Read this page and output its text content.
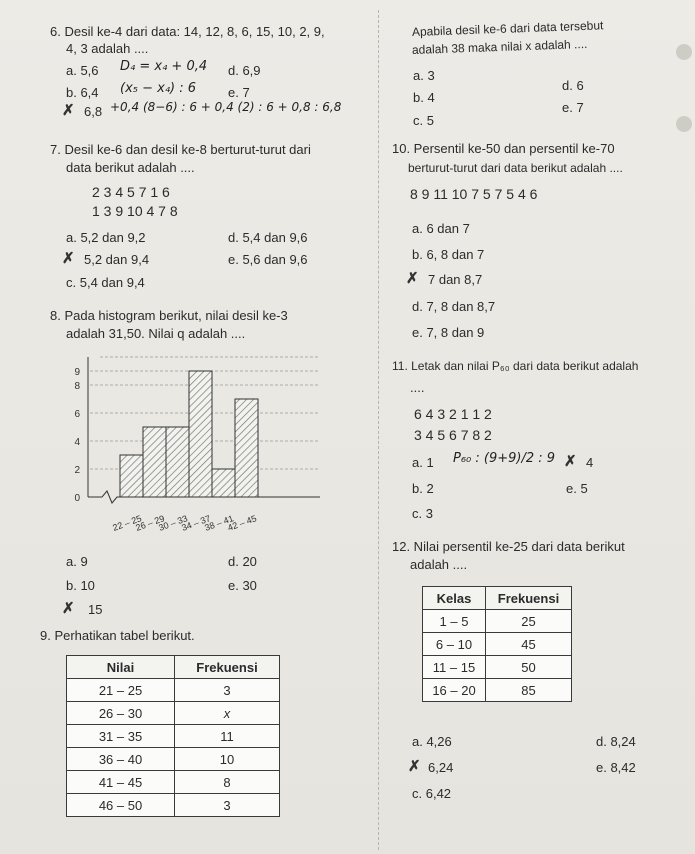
6. Desil ke-4 dari data: 14, 12, 8, 6, 15, 10, 2, 9,
4, 3 adalah ....
a. 5,6 D₄ = x₄ + 0,4 d. 6,9
b. 6,4 (x₅ − x₄) : 6 e. 7
✗ 6,8 +0,4 (8−6) : 6 + 0,4 (2) : 6 + 0,8 : 6,8
7. Desil ke-6 dan desil ke-8 berturut-turut dari
data berikut adalah ....
2 3 4 5 7 1 6
1 3 9 10 4 7 8
a. 5,2 dan 9,2	d. 5,4 dan 9,6
✗ 5,2 dan 9,4	e. 5,6 dan 9,6
c. 5,4 dan 9,4
8. Pada histogram berikut, nilai desil ke-3
adalah 31,50. Nilai q adalah ....
0
2
4
6
8
9
22 – 25
26 – 29
30 – 33
34 – 37
38 – 41
42 – 45
a. 9	d. 20
b. 10	e. 30
✗ 15
9. Perhatikan tabel berikut.
Nilai	Frekuensi
21 – 25	3
26 – 30	x
31 – 35	11
36 – 40	10
41 – 45	8
46 – 50	3
Apabila desil ke-6 dari data tersebut
adalah 38 maka nilai x adalah ....
a. 3
d. 6
b. 4
e. 7
c. 5
10. Persentil ke-50 dan persentil ke-70
berturut-turut dari data berikut adalah ....
8 9 11 10 7 5 7 5 4 6
a. 6 dan 7
b. 6, 8 dan 7
✗ 7 dan 8,7
d. 7, 8 dan 8,7
e. 7, 8 dan 9
11. Letak dan nilai P₆₀ dari data berikut adalah
....
6 4 3 2 1 1 2
3 4 5 6 7 8 2
a. 1 P₆₀ : (9+9)/2 : 9 ✗ 4
b. 2	e. 5
c. 3
12. Nilai persentil ke-25 dari data berikut
adalah ....
Kelas	Frekuensi
1 – 5	25
6 – 10	45
11 – 15	50
16 – 20	85
a. 4,26	d. 8,24
✗ 6,24	e. 8,42
c. 6,42
